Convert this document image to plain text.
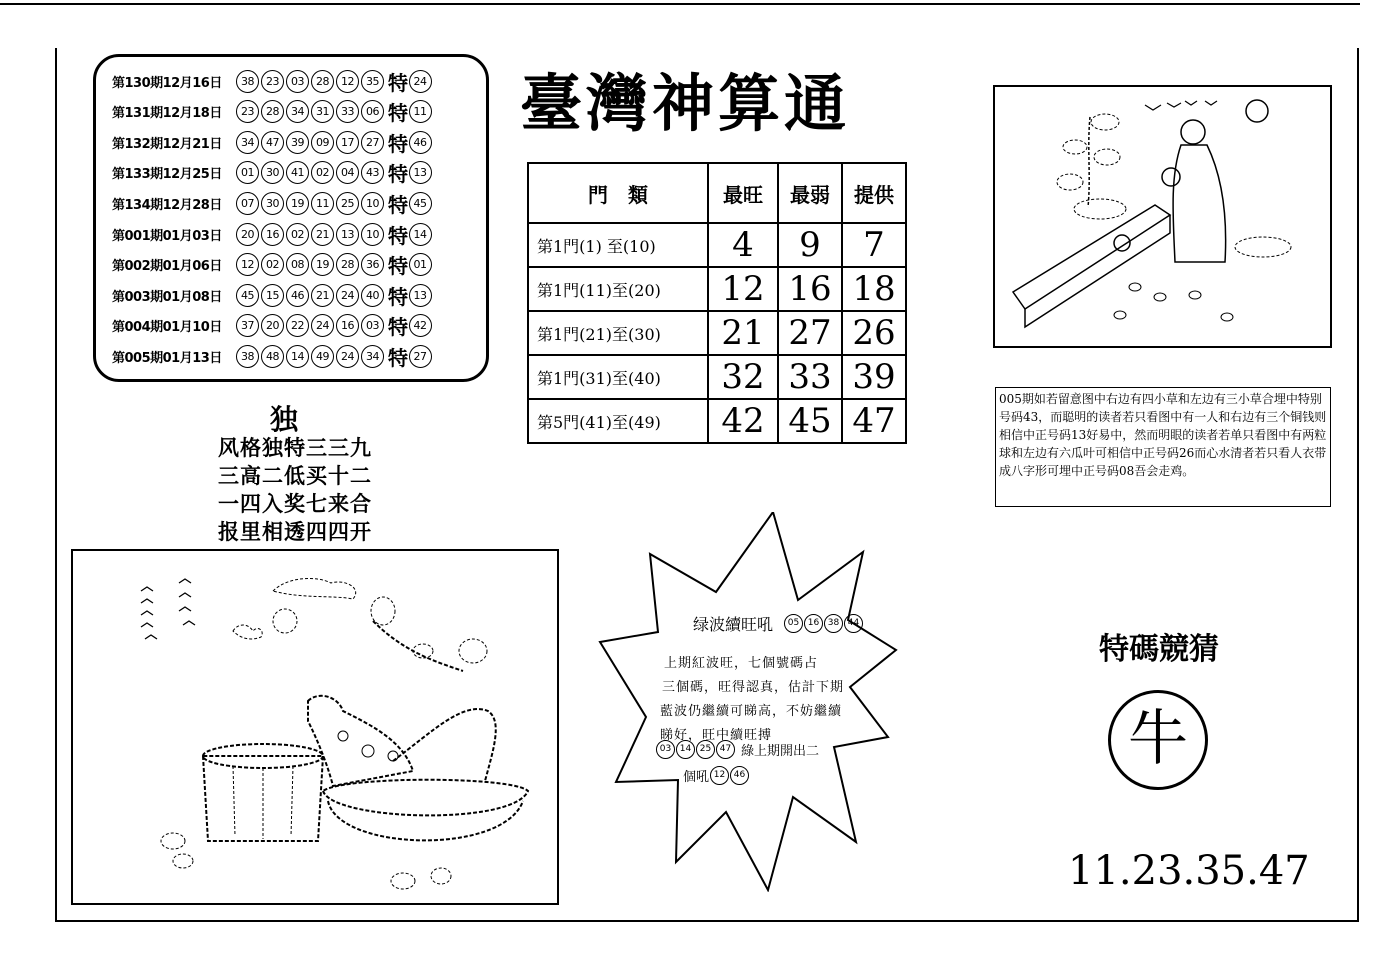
第130期12月16日	38	23	03	28	12	35 特 24
第131期12月18日	23	28	34	31	33	06 特 11
第132期12月21日	34	47	39	09	17	27 特 46
第133期12月25日	01	30	41	02	04	43 特 13
第134期12月28日	07	30	19	11	25	10 特 45
第001期01月03日	20	16	02	21	13	10 特 14
第002期01月06日	12	02	08	19	28	36 特 01
第003期01月08日	45	15	46	21	24	40 特 13
第004期01月10日	37	20	22	24	16	03 特 42
第005期01月13日	38	48	14	49	24	34 特 27
臺灣神算通
門　類	最旺	最弱	提供
第1門(1) 至(10)	4	9	7
第1門(11)至(20)	12	16	18
第1門(21)至(30)	21	27	26
第1門(31)至(40)	32	33	39
第5門(41)至(49)	42	45	47
独
风格独特三三九
三高二低买十二
一四入奖七来合
报里相透四四开
005期如若留意图中右边有四小草和左边有三小草合埋中特别号码43，而聪明的读者若只看图中有一人和右边有三个铜钱则相信中正号码13好易中，然而明眼的读者若单只看图中有两粒球和左边有六瓜叶可相信中正号码26而心水清者若只看人衣带成八字形可埋中正号码08吾会走鸡。
绿波續旺吼	05 16 38 44
上期紅波旺，七個號碼占
三個碼，旺得認真，估計下期
藍波仍繼續可睇高，不妨繼續
睇好，旺中續旺搏
03 14 25 47 綠上期開出二
個吼 12 46
特碼競猜
牛
11.23.35.47
